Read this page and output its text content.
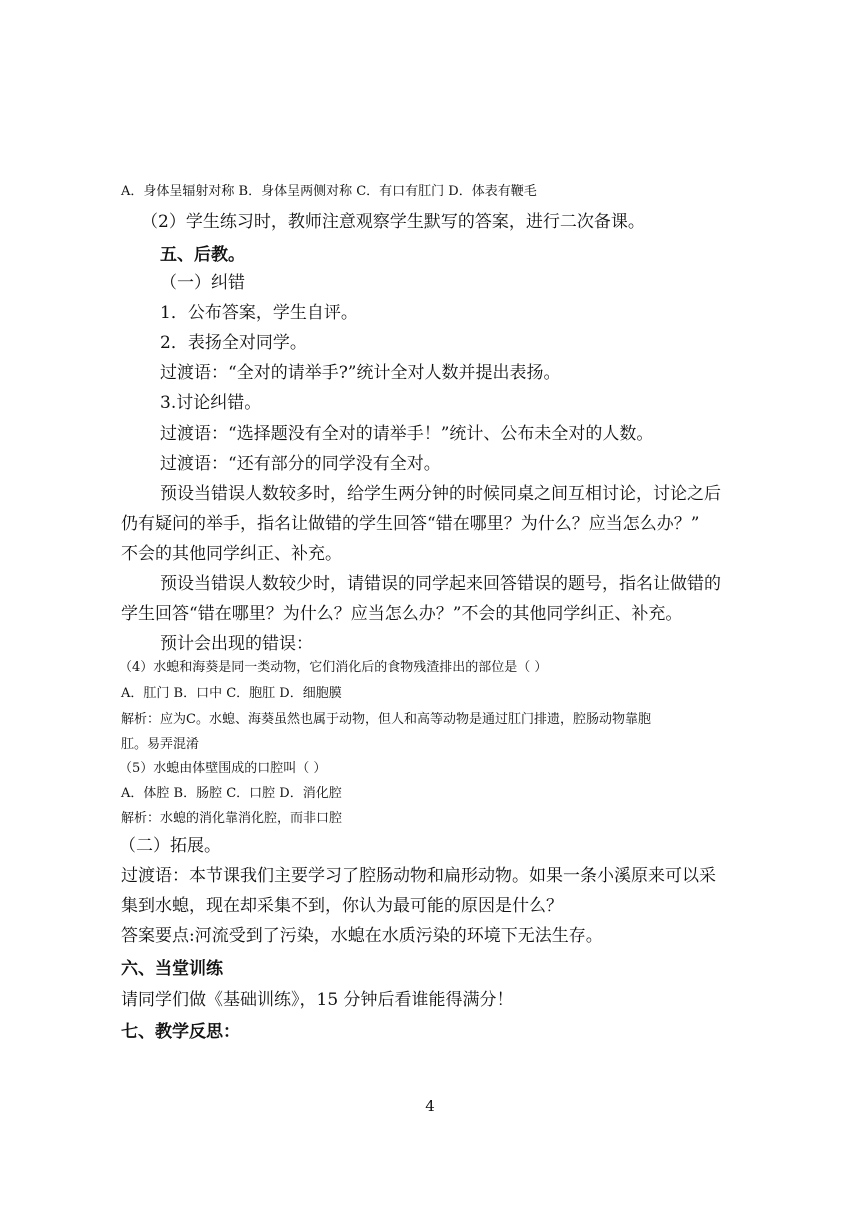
A．身体呈辐射对称 B．身体呈两侧对称 C．有口有肛门 D．体表有鞭毛
（2）学生练习时，教师注意观察学生默写的答案，进行二次备课。
五、后教。
（一）纠错
1．公布答案，学生自评。
2．表扬全对同学。
过渡语：“全对的请举手?”统计全对人数并提出表扬。
3.讨论纠错。
过渡语：“选择题没有全对的请举手！”统计、公布未全对的人数。
过渡语：“还有部分的同学没有全对。
预设当错误人数较多时，给学生两分钟的时候同桌之间互相讨论，讨论之后
仍有疑问的举手，指名让做错的学生回答“错在哪里？为什么？应当怎么办？”
不会的其他同学纠正、补充。
预设当错误人数较少时，请错误的同学起来回答错误的题号，指名让做错的
学生回答“错在哪里？为什么？应当怎么办？”不会的其他同学纠正、补充。
预计会出现的错误：
（4）水螅和海葵是同一类动物，它们消化后的食物残渣排出的部位是（ ）
A．肛门 B．口中 C．胞肛 D．细胞膜
解析：应为C。水螅、海葵虽然也属于动物，但人和高等动物是通过肛门排遗，腔肠动物靠胞
肛。易弄混淆
（5）水螅由体壁围成的口腔叫（ ）
A．体腔 B．肠腔 C．口腔 D．消化腔
解析：水螅的消化靠消化腔，而非口腔
（二）拓展。
过渡语：本节课我们主要学习了腔肠动物和扁形动物。如果一条小溪原来可以采
集到水螅，现在却采集不到，你认为最可能的原因是什么？
答案要点:河流受到了污染，水螅在水质污染的环境下无法生存。
六、当堂训练
请同学们做《基础训练》，15 分钟后看谁能得满分！
七、教学反思：
4
